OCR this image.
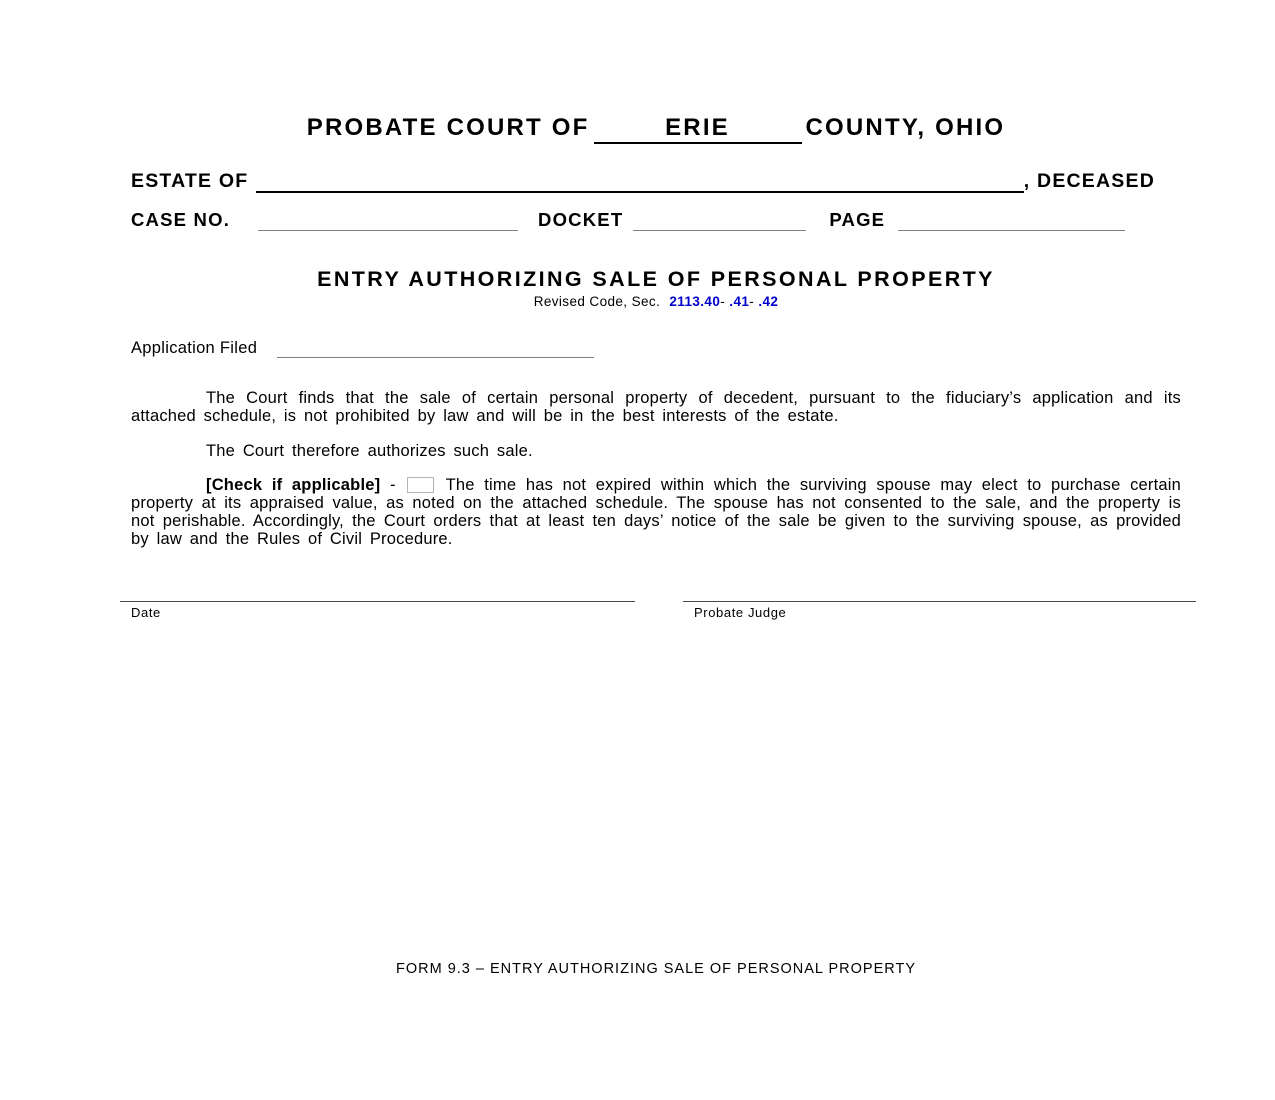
PROBATE COURT OF	ERIE	COUNTY, OHIO
ESTATE OF	, DECEASED
CASE NO.	DOCKET	PAGE
ENTRY AUTHORIZING SALE OF PERSONAL PROPERTY
Revised Code, Sec. 2113.40- .41- .42
Application Filed

The Court finds that the sale of certain personal property of decedent, pursuant to the fiduciary’s application and its attached schedule, is not prohibited by law and will be in the best interests of the estate.

The Court therefore authorizes such sale.

[Check if applicable] -	The time has not expired within which the surviving spouse may elect to purchase certain property at its appraised value, as noted on the attached schedule. The spouse has not consented to the sale, and the property is not perishable. Accordingly, the Court orders that at least ten days’ notice of the sale be given to the surviving spouse, as provided by law and the Rules of Civil Procedure.

Date	Probate Judge
FORM 9.3 – ENTRY AUTHORIZING SALE OF PERSONAL PROPERTY
